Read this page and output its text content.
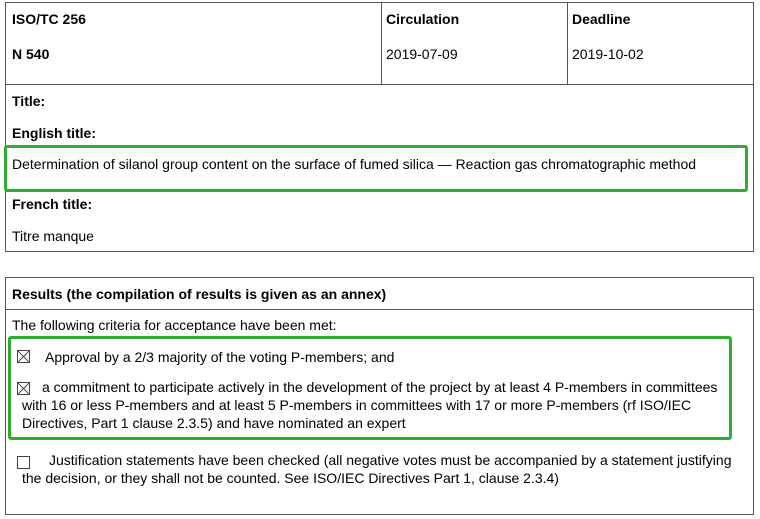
ISO/TC 256
N 540
Circulation
2019-07-09
Deadline
2019-10-02
Title:
English title:
Determination of silanol group content on the surface of fumed silica — Reaction gas chromatographic method
French title:
Titre manque
Results (the compilation of results is given as an annex)
The following criteria for acceptance have been met:
Approval by a 2/3 majority of the voting P-members; and
a commitment to participate actively in the development of the project by at least 4 P-members in committees with 16 or less P-members and at least 5 P-members in committees with 17 or more P-members (rf ISO/IEC Directives, Part 1 clause 2.3.5) and have nominated an expert
Justification statements have been checked (all negative votes must be accompanied by a statement justifying the decision, or they shall not be counted. See ISO/IEC Directives Part 1, clause 2.3.4)
